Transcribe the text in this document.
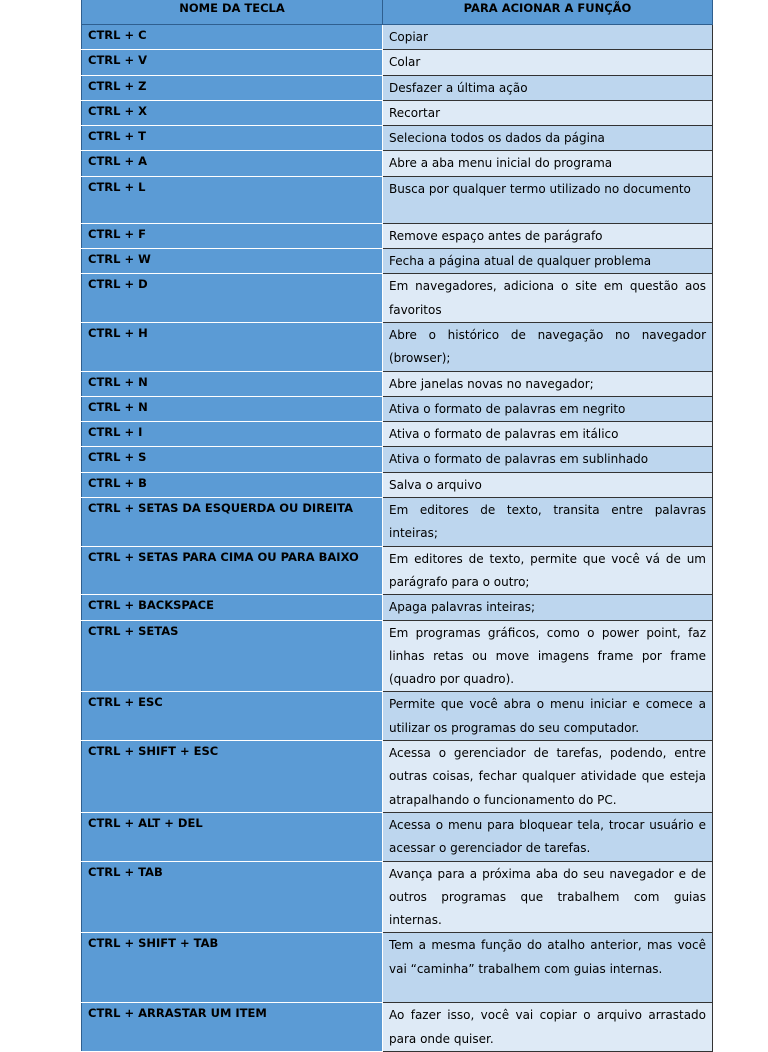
NOME DA TECLA	PARA ACIONAR A FUNÇÃO
CTRL + C	Copiar
CTRL + V	Colar
CTRL + Z	Desfazer a última ação
CTRL + X	Recortar
CTRL + T	Seleciona todos os dados da página
CTRL + A	Abre a aba menu inicial do programa
CTRL + L	Busca por qualquer termo utilizado no documento
CTRL + F	Remove espaço antes de parágrafo
CTRL + W	Fecha a página atual de qualquer problema
CTRL + D	Em navegadores, adiciona o site em questão aos favoritos
CTRL + H	Abre o histórico de navegação no navegador (browser);
CTRL + N	Abre janelas novas no navegador;
CTRL + N	Ativa o formato de palavras em negrito
CTRL + I	Ativa o formato de palavras em itálico
CTRL + S	Ativa o formato de palavras em sublinhado
CTRL + B	Salva o arquivo
CTRL + SETAS DA ESQUERDA OU DIREITA	Em editores de texto, transita entre palavras inteiras;
CTRL + SETAS PARA CIMA OU PARA BAIXO	Em editores de texto, permite que você vá de um parágrafo para o outro;
CTRL + BACKSPACE	Apaga palavras inteiras;
CTRL + SETAS	Em programas gráficos, como o power point, faz linhas retas ou move imagens frame por frame (quadro por quadro).
CTRL + ESC	Permite que você abra o menu iniciar e comece a utilizar os programas do seu computador.
CTRL + SHIFT + ESC	Acessa o gerenciador de tarefas, podendo, entre outras coisas, fechar qualquer atividade que esteja atrapalhando o funcionamento do PC.
CTRL + ALT + DEL	Acessa o menu para bloquear tela, trocar usuário e acessar o gerenciador de tarefas.
CTRL + TAB	Avança para a próxima aba do seu navegador e de outros programas que trabalhem com guias internas.
CTRL + SHIFT + TAB	Tem a mesma função do atalho anterior, mas você vai “caminha” trabalhem com guias internas.
CTRL + ARRASTAR UM ITEM	Ao fazer isso, você vai copiar o arquivo arrastado para onde quiser.
